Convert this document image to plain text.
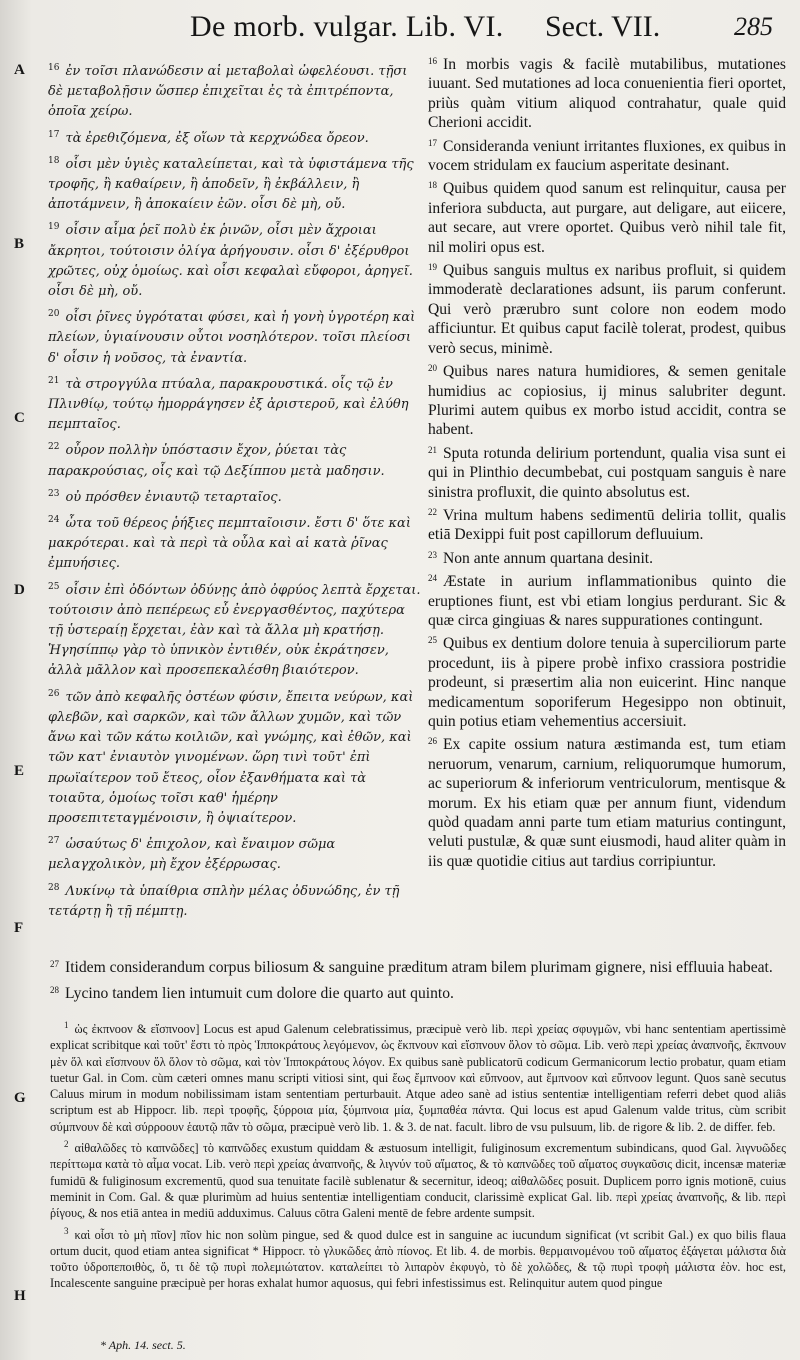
De morb. vulgar. Lib. VI. Sect. VII.	285
A
B
C
D
E
F
G
H

$^{16}$ ἐν τοῖσι πλανώδεσιν αἱ μεταβολαὶ ὠφελέουσι. τῇσι δὲ μεταβολῇσιν ὥσπερ ἐπιχεῖται ἐς τὰ ἐπιτρέποντα, ὁποῖα χείρω.

$^{17}$ τὰ ἐρεθιζόμενα, ἐξ οἵων τὰ κερχνώδεα ὄρεον.

$^{18}$ οἷσι μὲν ὑγιὲς καταλείπεται, καὶ τὰ ὑφιστάμενα τῆς τροφῆς, ἢ καθαίρειν, ἢ ἀποδεῖν, ἢ ἐκβάλλειν, ἢ ἀποτάμνειν, ἢ ἀποκαίειν ἐῶν. οἷσι δὲ μὴ, οὔ.

$^{19}$ οἷσιν αἷμα ῥεῖ πολὺ ἐκ ῥινῶν, οἷσι μὲν ἄχροιαι ἄκρητοι, τούτοισιν ὀλίγα ἀρήγουσιν. οἷσι δ' ἐξέρυθροι χρῶτες, οὐχ ὁμοίως. καὶ οἷσι κεφαλαὶ εὔφοροι, ἀρηγεῖ. οἷσι δὲ μὴ, οὔ.

$^{20}$ οἷσι ῥῖνες ὑγρόταται φύσει, καὶ ἡ γονὴ ὑγροτέρη καὶ πλείων, ὑγιαίνουσιν οὗτοι νοσηλότερον. τοῖσι πλείοσι δ' οἷσιν ἡ νοῦσος, τὰ ἐναντία.

$^{21}$ τὰ στρογγύλα πτύαλα, παρακρουστικά. οἷς τῷ ἐν Πλινθίῳ, τούτῳ ἡμορράγησεν ἐξ ἀριστεροῦ, καὶ ἐλύθη πεμπταῖος.

$^{22}$ οὖρον πολλὴν ὑπόστασιν ἔχον, ῥύεται τὰς παρακρούσιας, οἷς καὶ τῷ Δεξίππου μετὰ μαδησιν.

$^{23}$ οὐ πρόσθεν ἐνιαυτῷ τεταρταῖος.

$^{24}$ ὦτα τοῦ θέρεος ῥήξιες πεμπταῖοισιν. ἔστι δ' ὅτε καὶ μακρότεραι. καὶ τὰ περὶ τὰ οὖλα καὶ αἱ κατὰ ῥῖνας ἐμπυήσιες.

$^{25}$ οἷσιν ἐπὶ ὀδόντων ὀδύνῃς ἀπὸ ὀφρύος λεπτὰ ἔρχεται. τούτοισιν ἀπὸ πεπέρεως εὖ ἐνεργασθέντος, παχύτερα τῇ ὑστεραίῃ ἔρχεται, ἐὰν καὶ τὰ ἄλλα μὴ κρατήσῃ. Ἡγησίππῳ γὰρ τὸ ὑπνικὸν ἐντιθέν, οὐκ ἐκράτησεν, ἀλλὰ μᾶλλον καὶ προσεπεκαλέσθη βιαιότερον.

$^{26}$ τῶν ἀπὸ κεφαλῆς ὀστέων φύσιν, ἔπειτα νεύρων, καὶ φλεβῶν, καὶ σαρκῶν, καὶ τῶν ἄλλων χυμῶν, καὶ τῶν ἄνω καὶ τῶν κάτω κοιλιῶν, καὶ γνώμης, καὶ ἐθῶν, καὶ τῶν κατ' ἐνιαυτὸν γινομένων. ὥρη τινὶ τοῦτ' ἐπὶ πρωϊαίτερον τοῦ ἔτεος, οἷον ἐξανθήματα καὶ τὰ τοιαῦτα, ὁμοίως τοῖσι καθ' ἡμέρην προσεπιτεταγμένοισιν, ἢ ὀψιαίτερον.

$^{27}$ ὡσαύτως δ' ἐπιχολον, καὶ ἔναιμον σῶμα μελαγχολικὸν, μὴ ἔχον ἐξέρρωσας.

$^{28}$ Λυκίνῳ τὰ ὑπαίθρια σπλὴν μέλας ὀδυνώδης, ἐν τῇ τετάρτῃ ἢ τῇ πέμπτῃ.

$^{16}$ In morbis vagis & facilè mutabilibus, mutationes iuuant. Sed mutationes ad loca conuenientia fieri oportet, priùs quàm vitium aliquod contrahatur, quale quid Cherioni accidit.

$^{17}$ Consideranda veniunt irritantes fluxiones, ex quibus in vocem stridulam ex faucium asperitate desinant.

$^{18}$ Quibus quidem quod sanum est relinquitur, causa per inferiora subducta, aut purgare, aut deligare, aut eiicere, aut secare, aut vrere oportet. Quibus verò nihil tale fit, nil moliri opus est.

$^{19}$ Quibus sanguis multus ex naribus profluit, si quidem immoderatè declarationes adsunt, iis parum conferunt. Qui verò prærubro sunt colore non eodem modo afficiuntur. Et quibus caput facilè tolerat, prodest, quibus verò secus, minimè.

$^{20}$ Quibus nares natura humidiores, & semen genitale humidius ac copiosius, ij minus salubriter degunt. Plurimi autem quibus ex morbo istud accidit, contra se habent.

$^{21}$ Sputa rotunda delirium portendunt, qualia visa sunt ei qui in Plinthio decumbebat, cui postquam sanguis è nare sinistra profluxit, die quinto absolutus est.

$^{22}$ Vrina multum habens sedimentū deliria tollit, qualis etiā Dexippi fuit post capillorum defluuium.

$^{23}$ Non ante annum quartana desinit.

$^{24}$ Æstate in aurium inflammationibus quinto die eruptiones fiunt, est vbi etiam longius perdurant. Sic & quæ circa gingiuas & nares suppurationes contingunt.

$^{25}$ Quibus ex dentium dolore tenuia à superciliorum parte procedunt, iis à pipere probè infixo crassiora postridie prodeunt, si præsertim alia non euicerint. Hinc nanque medicamentum soporiferum Hegesippo non obtinuit, quin potius etiam vehementius accersiuit.

$^{26}$ Ex capite ossium natura æstimanda est, tum etiam neruorum, venarum, carnium, reliquorumque humorum, ac superiorum & inferiorum ventriculorum, mentisque & morum. Ex his etiam quæ per annum fiunt, videndum quòd quadam anni parte tum etiam maturius contingunt, veluti pustulæ, & quæ sunt eiusmodi, haud aliter quàm in iis quæ quotidie citius aut tardius corripiuntur.

$^{27}$ Itidem considerandum corpus biliosum & sanguine præditum atram bilem plurimam gignere, nisi effluuia habeat.

$^{28}$ Lycino tandem lien intumuit cum dolore die quarto aut quinto.

$^1$ ὡς ἐκπνοον & εἴσπνοον] Locus est apud Galenum celebratissimus, præcipuè verò lib. περὶ χρείας σφυγμῶν, vbi hanc sententiam apertissimè explicat scribitque καὶ τοῦτ' ἔστι τὸ πρὸς Ἱπποκράτους λεγόμενον, ὡς ἔκπνουν καὶ εἴσπνουν ὅλον τὸ σῶμα. Lib. verò περὶ χρείας ἀναπνοῆς, ἔκπνουν μὲν ὅλ καὶ εἴσπνουν ὅλ ὅλον τὸ σῶμα, καὶ τὸν Ἱπποκράτους λόγον. Ex quibus sanè publicatorū codicum Germanicorum lectio probatur, quam etiam tuetur Gal. in Com. cùm cæteri omnes manu scripti vitiosi sint, qui ἕως ἔμπνοον καὶ εὔπνοον, aut ἔμπνοον καὶ εὔπνοον legunt. Quos sanè secutus Caluus mirum in modum nobilissimam istam sententiam perturbauit. Atque adeo sanè ad istius sententiæ intelligentiam referri debet quod aliâs scriptum est ab Hippocr. lib. περὶ τροφῆς, ξύρροια μία, ξύμπνοια μία, ξυμπαθέα πάντα. Qui locus est apud Galenum valde tritus, cùm scribit σύμπνουν δὲ καὶ σύρροουν ἑαυτῷ πᾶν τὸ σῶμα, præcipuè verò lib. 1. & 3. de nat. facult. libro de vsu pulsuum, lib. de rigore & lib. 2. de differ. feb.

$^2$ αἰθαλῶδες τὸ καπνῶδες] τὸ καπνῶδες exustum quiddam & æstuosum intelligit, fuliginosum excrementum subindicans, quod Gal. λιγνυῶδες περίττωμα κατὰ τὸ αἷμα vocat. Lib. verò περὶ χρείας ἀναπνοῆς, & λιγνύν τοῦ αἵματος, & τὸ καπνῶδες τοῦ αἵματος συγκαῦσις dicit, incensæ materiæ fumidū & fuliginosum excrementū, quod sua tenuitate facilè sublenatur & secernitur, ideoq; αἰθαλῶδες posuit. Duplicem porro ignis motionē, cuius meminit in Com. Gal. & quæ plurimùm ad huius sententiæ intelligentiam conducit, clarissimè explicat Gal. lib. περὶ χρείας ἀναπνοῆς, & lib. περὶ ῥίγους, & nos etiā antea in mediū adduximus. Caluus cōtra Galeni mentē de febre ardente sumpsit.

$^3$ καὶ οἷσι τὸ μὴ πῖον] πῖον hic non solùm pingue, sed & quod dulce est in sanguine ac iucundum significat (vt scribit Gal.) ex quo bilis flaua ortum ducit, quod etiam antea significat * Hippocr. τὸ γλυκῶδες ἀπὸ πίονος. Et lib. 4. de morbis. θερμαινομένου τοῦ αἵματος ἐξάγεται μάλιστα διὰ τοῦτο ὑδροπεποιθὸς, ὅ, τι δὲ τῷ πυρὶ πολεμιώτατον. καταλείπει τὸ λιπαρὸν ἐκφυγὸ, τὸ δὲ χολῶδες, & τῷ πυρὶ τροφὴ μάλιστα ἐὸν. hoc est, Incalescente sanguine præcipuè per horas exhalat humor aquosus, qui febri infestissimus est. Relinquitur autem quod pingue

* Aph. 14. sect. 5.
